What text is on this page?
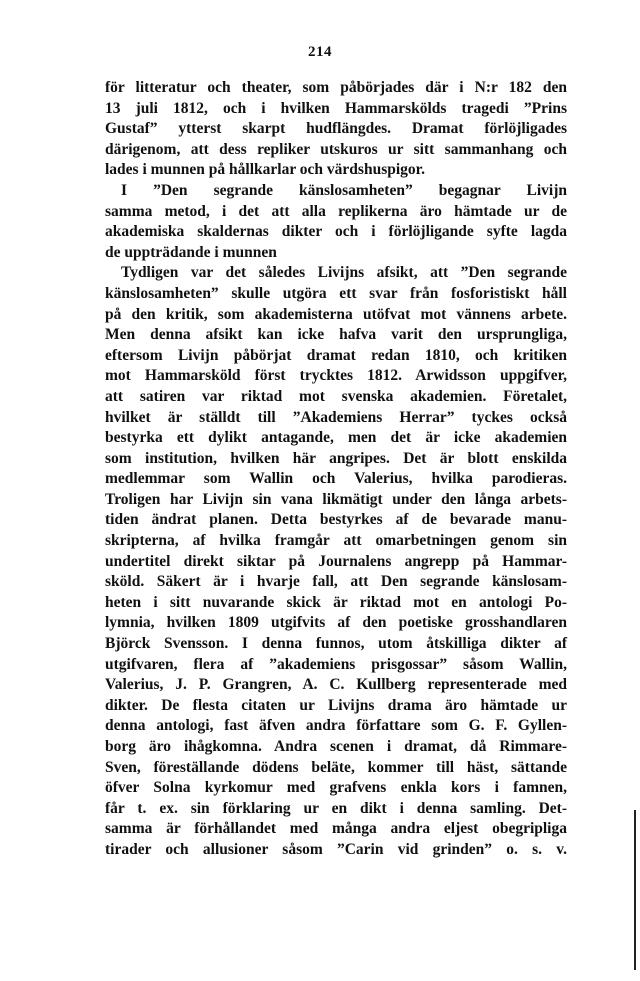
214
för litteratur och theater, som påbörjades där i N:r 182 den
13 juli 1812, och i hvilken Hammarskölds tragedi ”Prins
Gustaf” ytterst skarpt hudflängdes. Dramat förlöjligades
därigenom, att dess repliker utskuros ur sitt sammanhang och
lades i munnen på hållkarlar och värdshuspigor.
I ”Den segrande känslosamheten” begagnar Livijn
samma metod, i det att alla replikerna äro hämtade ur de
akademiska skaldernas dikter och i förlöjligande syfte lagda
de uppträdande i munnen
Tydligen var det således Livijns afsikt, att ”Den segrande
känslosamheten” skulle utgöra ett svar från fosforistiskt håll
på den kritik, som akademisterna utöfvat mot vännens arbete.
Men denna afsikt kan icke hafva varit den ursprungliga,
eftersom Livijn påbörjat dramat redan 1810, och kritiken
mot Hammarsköld först trycktes 1812. Arwidsson uppgifver,
att satiren var riktad mot svenska akademien. Företalet,
hvilket är ställdt till ”Akademiens Herrar” tyckes också
bestyrka ett dylikt antagande, men det är icke akademien
som institution, hvilken här angripes. Det är blott enskilda
medlemmar som Wallin och Valerius, hvilka parodieras.
Troligen har Livijn sin vana likmätigt under den långa arbets-
tiden ändrat planen. Detta bestyrkes af de bevarade manu-
skripterna, af hvilka framgår att omarbetningen genom sin
undertitel direkt siktar på Journalens angrepp på Hammar-
sköld. Säkert är i hvarje fall, att Den segrande känslosam-
heten i sitt nuvarande skick är riktad mot en antologi Po-
lymnia, hvilken 1809 utgifvits af den poetiske grosshandlaren
Björck Svensson. I denna funnos, utom åtskilliga dikter af
utgifvaren, flera af ”akademiens prisgossar” såsom Wallin,
Valerius, J. P. Grangren, A. C. Kullberg representerade med
dikter. De flesta citaten ur Livijns drama äro hämtade ur
denna antologi, fast äfven andra författare som G. F. Gyllen-
borg äro ihågkomna. Andra scenen i dramat, då Rimmare-
Sven, föreställande dödens beläte, kommer till häst, sättande
öfver Solna kyrkomur med grafvens enkla kors i famnen,
får t. ex. sin förklaring ur en dikt i denna samling. Det-
samma är förhållandet med många andra eljest obegripliga
tirader och allusioner såsom ”Carin vid grinden” o. s. v.
